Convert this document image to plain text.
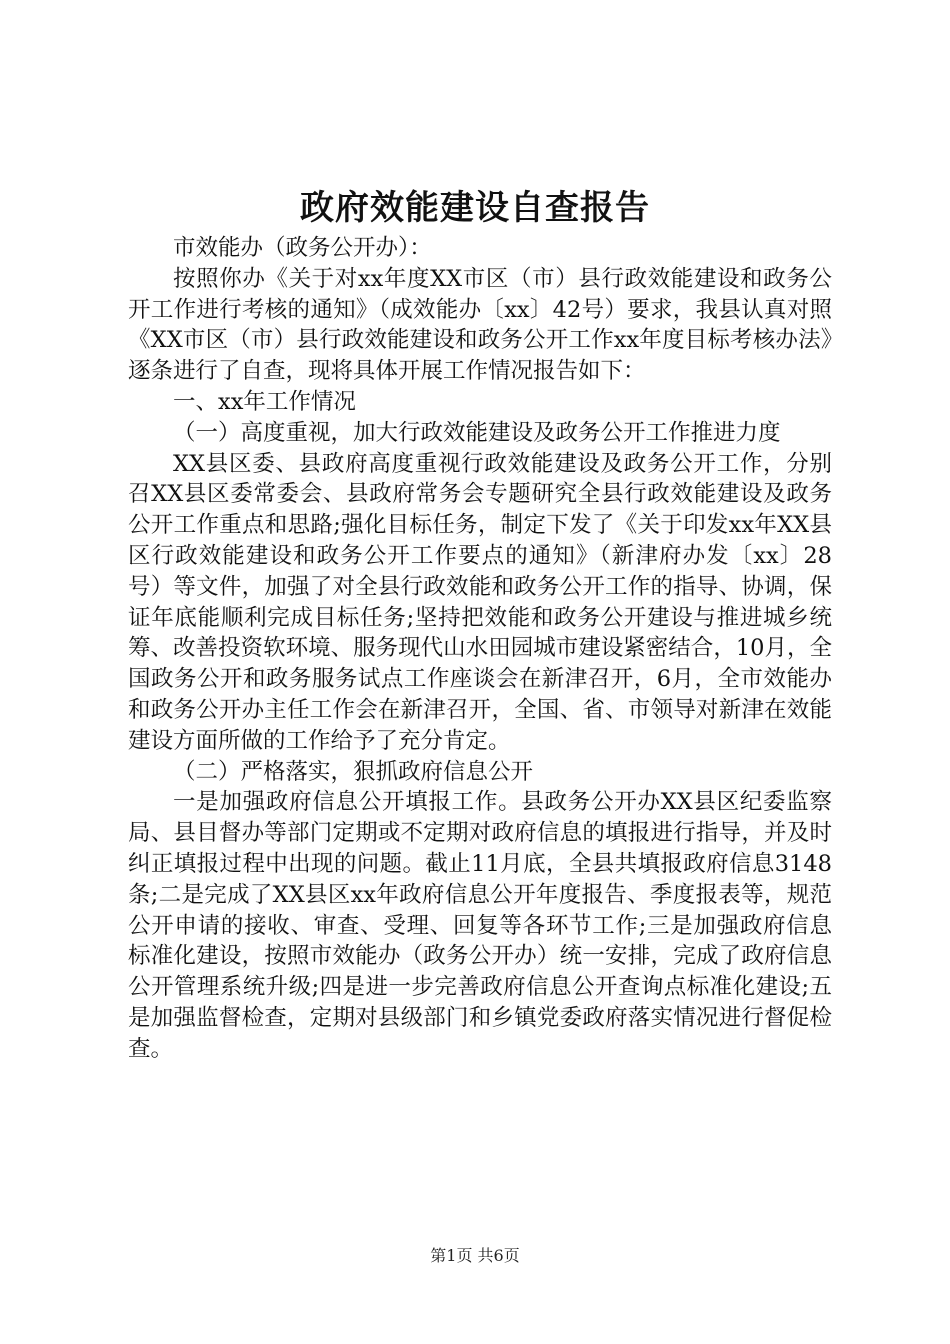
政府效能建设自查报告

市效能办（政务公开办）：

按照你办《关于对xx年度XX市区（市）县行政效能建设和政务公开工作进行考核的通知》（成效能办〔xx〕42号）要求，我县认真对照《XX市区（市）县行政效能建设和政务公开工作xx年度目标考核办法》逐条进行了自查，现将具体开展工作情况报告如下：

一、xx年工作情况

（一）高度重视，加大行政效能建设及政务公开工作推进力度

XX县区委、县政府高度重视行政效能建设及政务公开工作，分别召XX县区委常委会、县政府常务会专题研究全县行政效能建设及政务公开工作重点和思路;强化目标任务，制定下发了《关于印发xx年XX县区行政效能建设和政务公开工作要点的通知》（新津府办发〔xx〕28号）等文件，加强了对全县行政效能和政务公开工作的指导、协调，保证年底能顺利完成目标任务;坚持把效能和政务公开建设与推进城乡统筹、改善投资软环境、服务现代山水田园城市建设紧密结合，10月，全国政务公开和政务服务试点工作座谈会在新津召开，6月，全市效能办和政务公开办主任工作会在新津召开，全国、省、市领导对新津在效能建设方面所做的工作给予了充分肯定。

（二）严格落实，狠抓政府信息公开

一是加强政府信息公开填报工作。县政务公开办XX县区纪委监察局、县目督办等部门定期或不定期对政府信息的填报进行指导，并及时纠正填报过程中出现的问题。截止11月底，全县共填报政府信息3148条;二是完成了XX县区xx年政府信息公开年度报告、季度报表等，规范公开申请的接收、审查、受理、回复等各环节工作;三是加强政府信息标准化建设，按照市效能办（政务公开办）统一安排，完成了政府信息公开管理系统升级;四是进一步完善政府信息公开查询点标准化建设;五是加强监督检查，定期对县级部门和乡镇党委政府落实情况进行督促检查。

第1页 共6页
